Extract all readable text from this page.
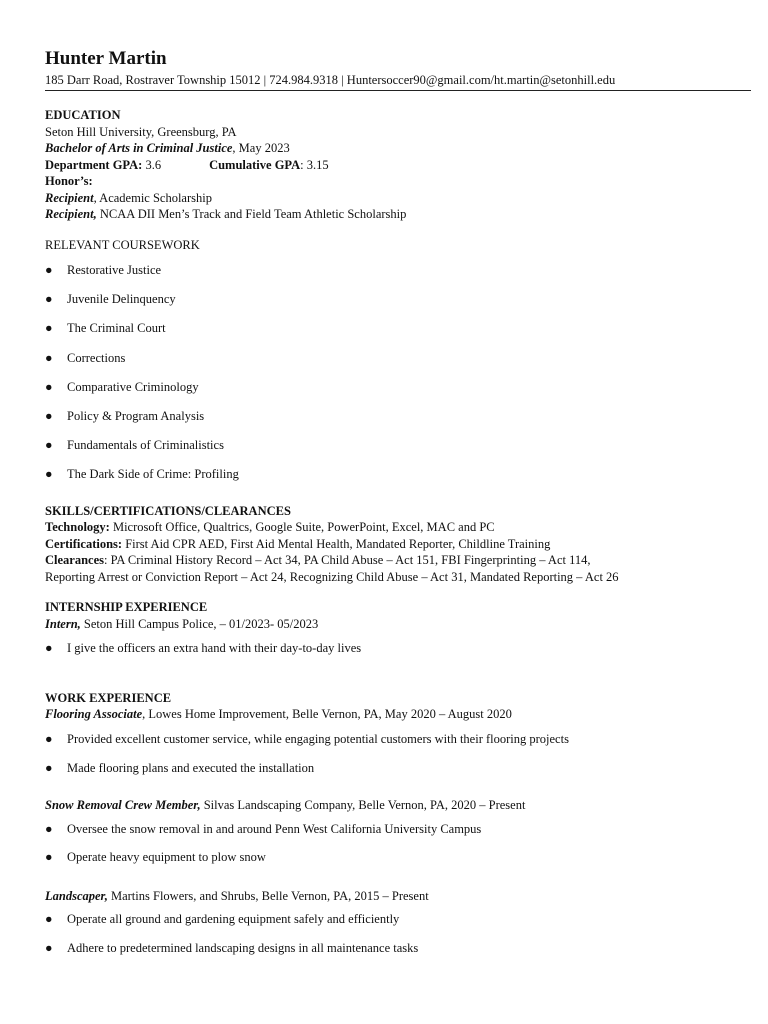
Hunter Martin
185 Darr Road, Rostraver Township 15012 | 724.984.9318 | Huntersoccer90@gmail.com/ht.martin@setonhill.edu
EDUCATION
Seton Hill University, Greensburg, PA
Bachelor of Arts in Criminal Justice, May 2023
Department GPA: 3.6	Cumulative GPA: 3.15
Honor’s:
Recipient, Academic Scholarship
Recipient, NCAA DII Men’s Track and Field Team Athletic Scholarship
RELEVANT COURSEWORK
● Restorative Justice
● Juvenile Delinquency
● The Criminal Court
● Corrections
● Comparative Criminology
● Policy & Program Analysis
● Fundamentals of Criminalistics
● The Dark Side of Crime: Profiling
SKILLS/CERTIFICATIONS/CLEARANCES
Technology: Microsoft Office, Qualtrics, Google Suite, PowerPoint, Excel, MAC and PC
Certifications: First Aid CPR AED, First Aid Mental Health, Mandated Reporter, Childline Training
Clearances: PA Criminal History Record – Act 34, PA Child Abuse – Act 151, FBI Fingerprinting – Act 114,
Reporting Arrest or Conviction Report – Act 24, Recognizing Child Abuse – Act 31, Mandated Reporting – Act 26
INTERNSHIP EXPERIENCE
Intern, Seton Hill Campus Police, – 01/2023- 05/2023
● I give the officers an extra hand with their day-to-day lives
WORK EXPERIENCE
Flooring Associate, Lowes Home Improvement, Belle Vernon, PA, May 2020 – August 2020
● Provided excellent customer service, while engaging potential customers with their flooring projects
● Made flooring plans and executed the installation
Snow Removal Crew Member, Silvas Landscaping Company, Belle Vernon, PA, 2020 – Present
● Oversee the snow removal in and around Penn West California University Campus
● Operate heavy equipment to plow snow
Landscaper, Martins Flowers, and Shrubs, Belle Vernon, PA, 2015 – Present
● Operate all ground and gardening equipment safely and efficiently
● Adhere to predetermined landscaping designs in all maintenance tasks
